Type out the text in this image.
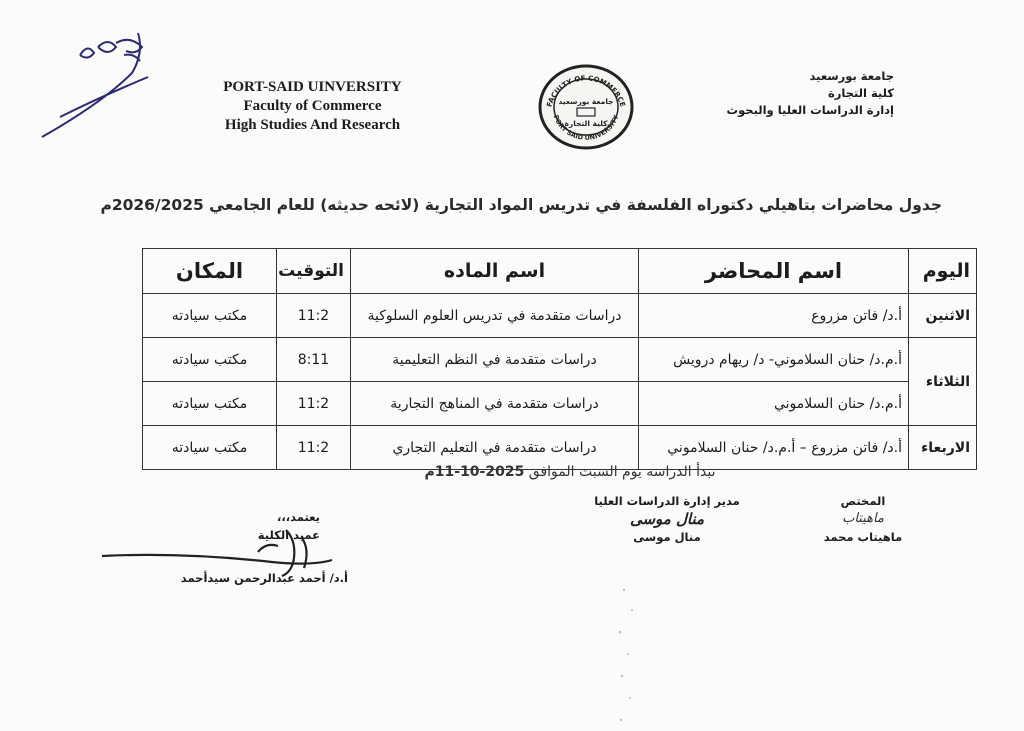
PORT-SAID UINVERSITY
Faculty of Commerce
High Studies And Research
FACULTY OF COMMERCE
PORT SAID UNIVERSITY
جامعة بورسعيد
كلية التجارة
جامعة بورسعيد
كلية التجارة
إدارة الدراسات العليا والبحوث
جدول محاضرات بتاهيلي دكتوراه الفلسفة في تدريس المواد التجارية (لائحه حديثه) للعام الجامعي 2026/2025م
اليوم	اسم المحاضر	اسم الماده	التوقيت	المكان
الاثنين	أ.د/ فاتن مزروع	دراسات متقدمة في تدريس العلوم السلوكية	11:2	مكتب سيادته
الثلاثاء	أ.م.د/ حنان السلاموني- د/ ريهام درويش	دراسات متقدمة في النظم التعليمية	8:11	مكتب سيادته
	أ.م.د/ حنان السلاموني	دراسات متقدمة في المناهج التجارية	11:2	مكتب سيادته
الاربعاء	أ.د/ فاتن مزروع – أ.م.د/ حنان السلاموني	دراسات متقدمة في التعليم التجاري	11:2	مكتب سيادته
تبدأ الدراسة يوم السبت الموافق 2025-10-11م
المختص
ماهيتاب
ماهيتاب محمد
مدير إدارة الدراسات العليا
منال موسى
منال موسى
يعتمد،،،
عميد الكلية
أ.د/ أحمد عبدالرحمن سيدأحمد
